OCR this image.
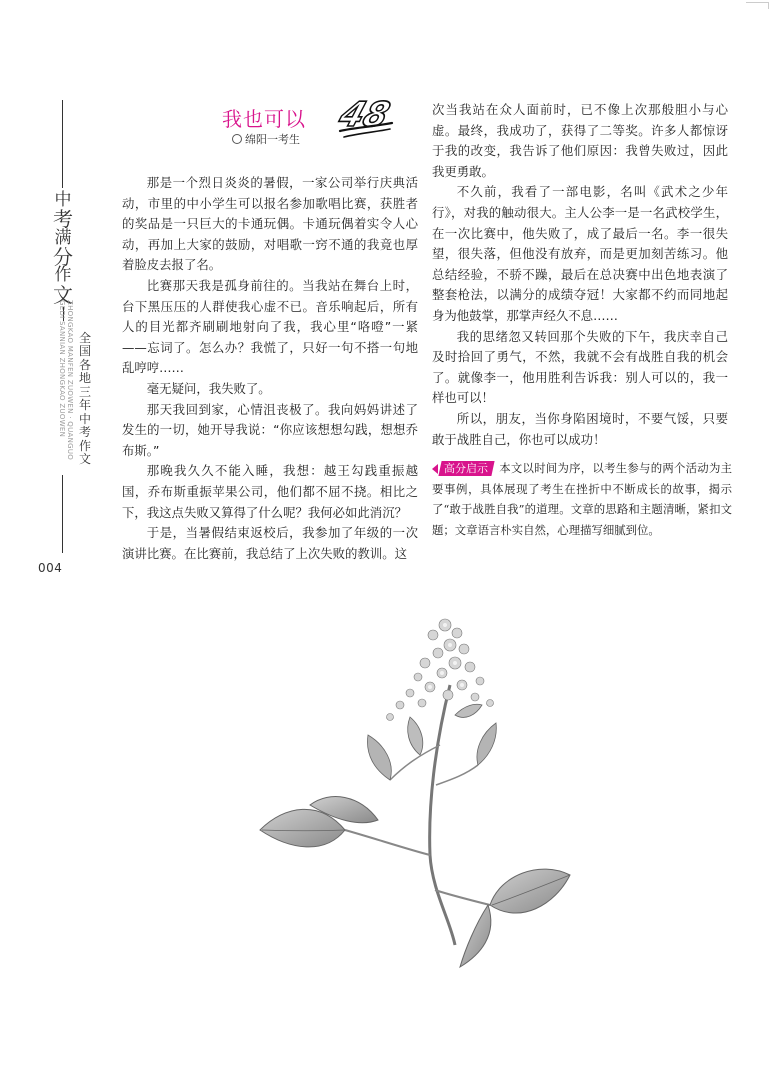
中
考
满
分
作
文
ZHONGKAO MANFEN ZUOWEN · QUANGUO GEDI SANNIAN ZHONGKAO ZUOWEN	全
国
各
地
三
年
中
考
作
文
004
我也可以 48
绵阳一考生

那是一个烈日炎炎的暑假，一家公司举行庆典活动，市里的中小学生可以报名参加歌唱比赛，获胜者的奖品是一只巨大的卡通玩偶。卡通玩偶着实令人心动，再加上大家的鼓励，对唱歌一窍不通的我竟也厚着脸皮去报了名。

比赛那天我是孤身前往的。当我站在舞台上时，台下黑压压的人群使我心虚不已。音乐响起后，所有人的目光都齐刷刷地射向了我，我心里“咯噔”一紧——忘词了。怎么办？我慌了，只好一句不搭一句地乱哼哼……

毫无疑问，我失败了。

那天我回到家，心情沮丧极了。我向妈妈讲述了发生的一切，她开导我说：“你应该想想勾践，想想乔布斯。”

那晚我久久不能入睡，我想：越王勾践重振越国，乔布斯重振苹果公司，他们都不屈不挠。相比之下，我这点失败又算得了什么呢？我何必如此消沉？

于是，当暑假结束返校后，我参加了年级的一次演讲比赛。在比赛前，我总结了上次失败的教训。这

次当我站在众人面前时，已不像上次那般胆小与心虚。最终，我成功了，获得了二等奖。许多人都惊讶于我的改变，我告诉了他们原因：我曾失败过，因此我更勇敢。

不久前，我看了一部电影，名叫《武术之少年行》，对我的触动很大。主人公李一是一名武校学生，在一次比赛中，他失败了，成了最后一名。李一很失望，很失落，但他没有放弃，而是更加刻苦练习。他总结经验，不骄不躁，最后在总决赛中出色地表演了整套枪法，以满分的成绩夺冠！大家都不约而同地起身为他鼓掌，那掌声经久不息……

我的思绪忽又转回那个失败的下午，我庆幸自己及时拾回了勇气，不然，我就不会有战胜自我的机会了。就像李一，他用胜利告诉我：别人可以的，我一样也可以！

所以，朋友，当你身陷困境时，不要气馁，只要敢于战胜自己，你也可以成功！

高分启示 本文以时间为序，以考生参与的两个活动为主要事例，具体展现了考生在挫折中不断成长的故事，揭示了“敢于战胜自我”的道理。文章的思路和主题清晰，紧扣文题；文章语言朴实自然，心理描写细腻到位。
